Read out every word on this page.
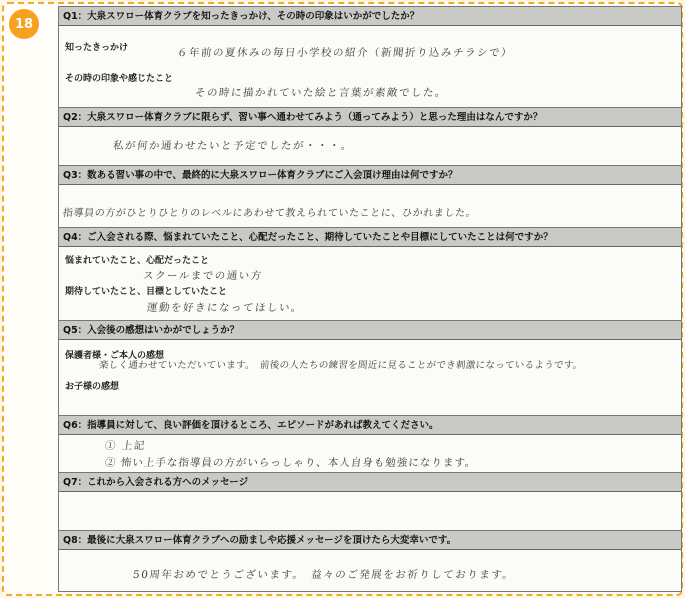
18	Q1：大泉スワロー体育クラブを知ったきっかけ、その時の印象はいかがでしたか？
知ったきっかけ	６年前の夏休みの毎日小学校の紹介（新聞折り込みチラシで）
その時の印象や感じたこと
その時に描かれていた絵と言葉が素敵でした。
Q2：大泉スワロー体育クラブに限らず、習い事へ通わせてみよう（通ってみよう）と思った理由はなんですか？
私が何か通わせたいと予定でしたが・・・。
Q3：数ある習い事の中で、最終的に大泉スワロー体育クラブにご入会頂け理由は何ですか？
指導員の方がひとりひとりのレベルにあわせて教えられていたことに、ひかれました。
Q4：ご入会される際、悩まれていたこと、心配だったこと、期待していたことや目標にしていたことは何ですか？
悩まれていたこと、心配だったこと
スクールまでの通い方
期待していたこと、目標としていたこと
運動を好きになってほしい。
Q5：入会後の感想はいかがでしょうか？
保護者様・ご本人の感想
楽しく通わせていただいています。　前後の人たちの練習を間近に見ることができ刺激になっているようです。
お子様の感想
Q6：指導員に対して、良い評価を頂けるところ、エピソードがあれば教えてください。
① 上記
② 怖い上手な指導員の方がいらっしゃり、本人自身も勉強になります。
Q7：これから入会される方へのメッセージ
Q8：最後に大泉スワロー体育クラブへの励ましや応援メッセージを頂けたら大変幸いです。
50周年おめでとうございます。　益々のご発展をお祈りしております。
